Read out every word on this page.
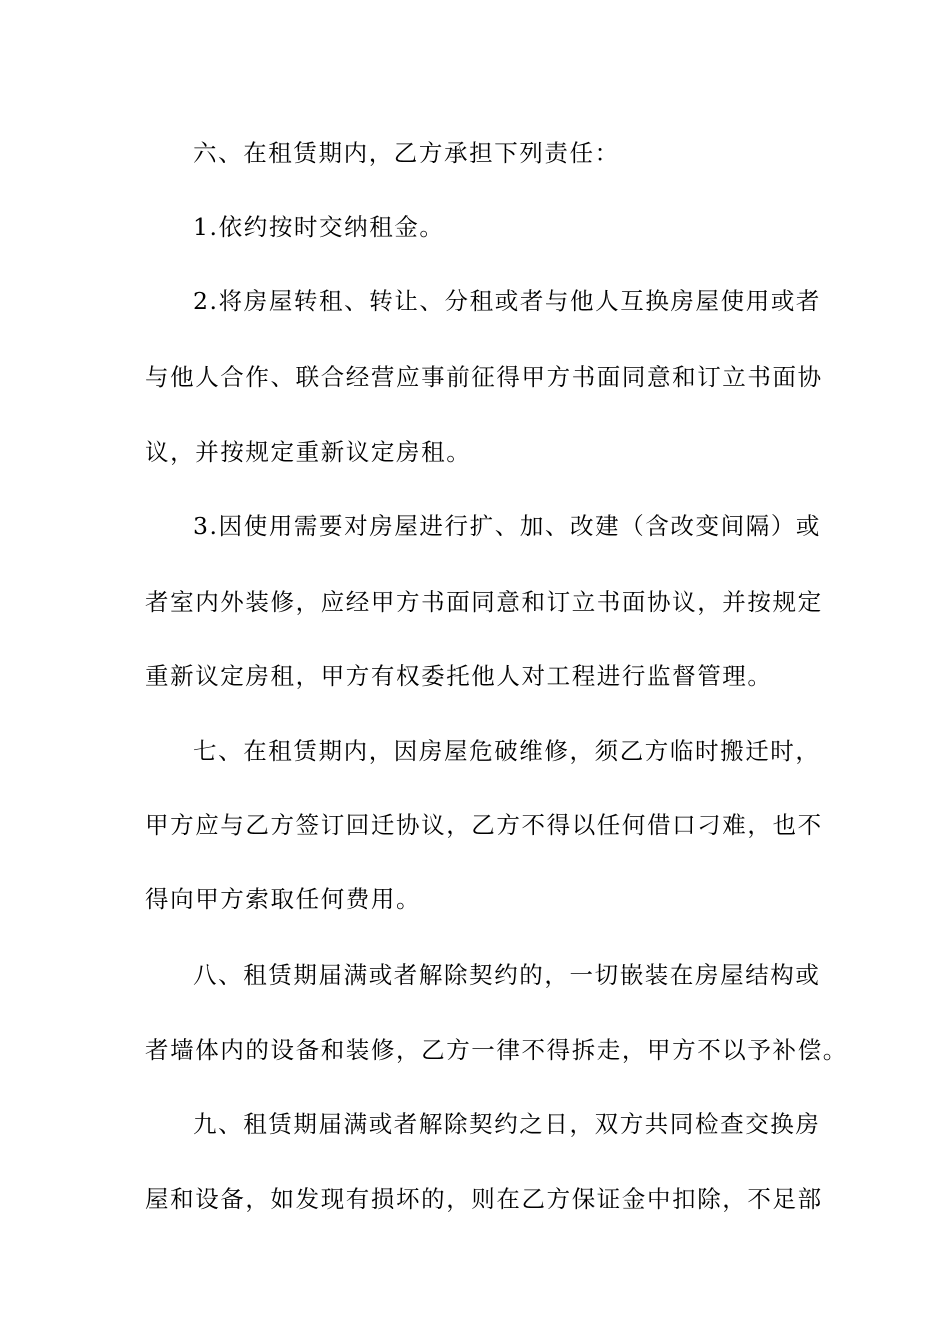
六、在租赁期内，乙方承担下列责任：

1.依约按时交纳租金。

2.将房屋转租、转让、分租或者与他人互换房屋使用或者

与他人合作、联合经营应事前征得甲方书面同意和订立书面协

议，并按规定重新议定房租。

3.因使用需要对房屋进行扩、加、改建（含改变间隔）或

者室内外装修，应经甲方书面同意和订立书面协议，并按规定

重新议定房租，甲方有权委托他人对工程进行监督管理。

七、在租赁期内，因房屋危破维修，须乙方临时搬迁时，

甲方应与乙方签订回迁协议，乙方不得以任何借口刁难，也不

得向甲方索取任何费用。

八、租赁期届满或者解除契约的，一切嵌装在房屋结构或

者墙体内的设备和装修，乙方一律不得拆走，甲方不以予补偿。

九、租赁期届满或者解除契约之日，双方共同检查交换房

屋和设备，如发现有损坏的，则在乙方保证金中扣除，不足部
